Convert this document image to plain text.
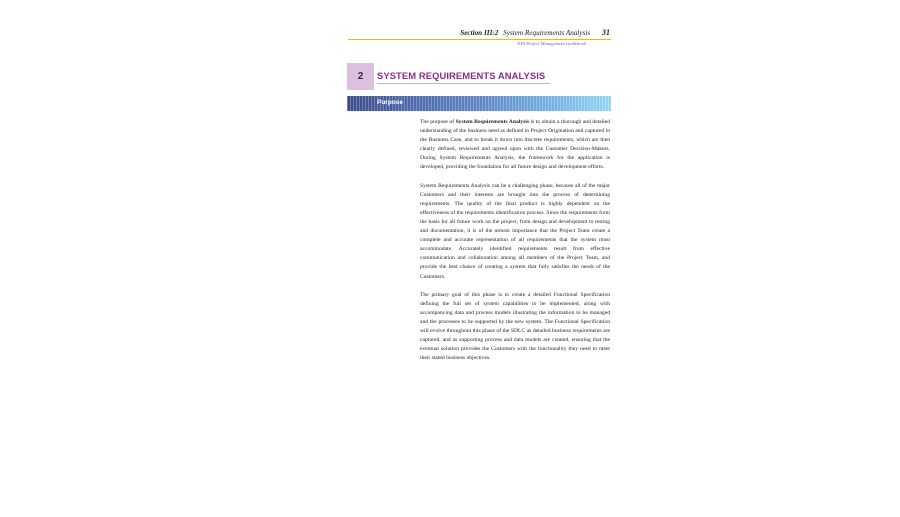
Section III:2 System Requirements Analysis 31
NYS Project Management Guidebook
2 SYSTEM REQUIREMENTS ANALYSIS
Purpose

The purpose of System Requirements Analysis is to obtain a thorough and detailed understanding of the business need as defined in Project Origination and captured in the Business Case, and to break it down into discrete requirements, which are then clearly defined, reviewed and agreed upon with the Customer Decision-Makers. During System Requirements Analysis, the framework for the application is developed, providing the foundation for all future design and development efforts.

System Requirements Analysis can be a challenging phase, because all of the major Customers and their interests are brought into the process of determining requirements. The quality of the final product is highly dependent on the effectiveness of the requirements identification process. Since the requirements form the basis for all future work on the project, from design and development to testing and documentation, it is of the utmost importance that the Project Team create a complete and accurate representation of all requirements that the system must accommodate. Accurately identified requirements result from effective communication and collaboration among all members of the Project Team, and provide the best chance of creating a system that fully satisfies the needs of the Customers.

The primary goal of this phase is to create a detailed Functional Specification defining the full set of system capabilities to be implemented, along with accompanying data and process models illustrating the information to be managed and the processes to be supported by the new system. The Functional Specification will evolve throughout this phase of the SDLC as detailed business requirements are captured, and as supporting process and data models are created, ensuring that the eventual solution provides the Customers with the functionality they need to meet their stated business objectives.
